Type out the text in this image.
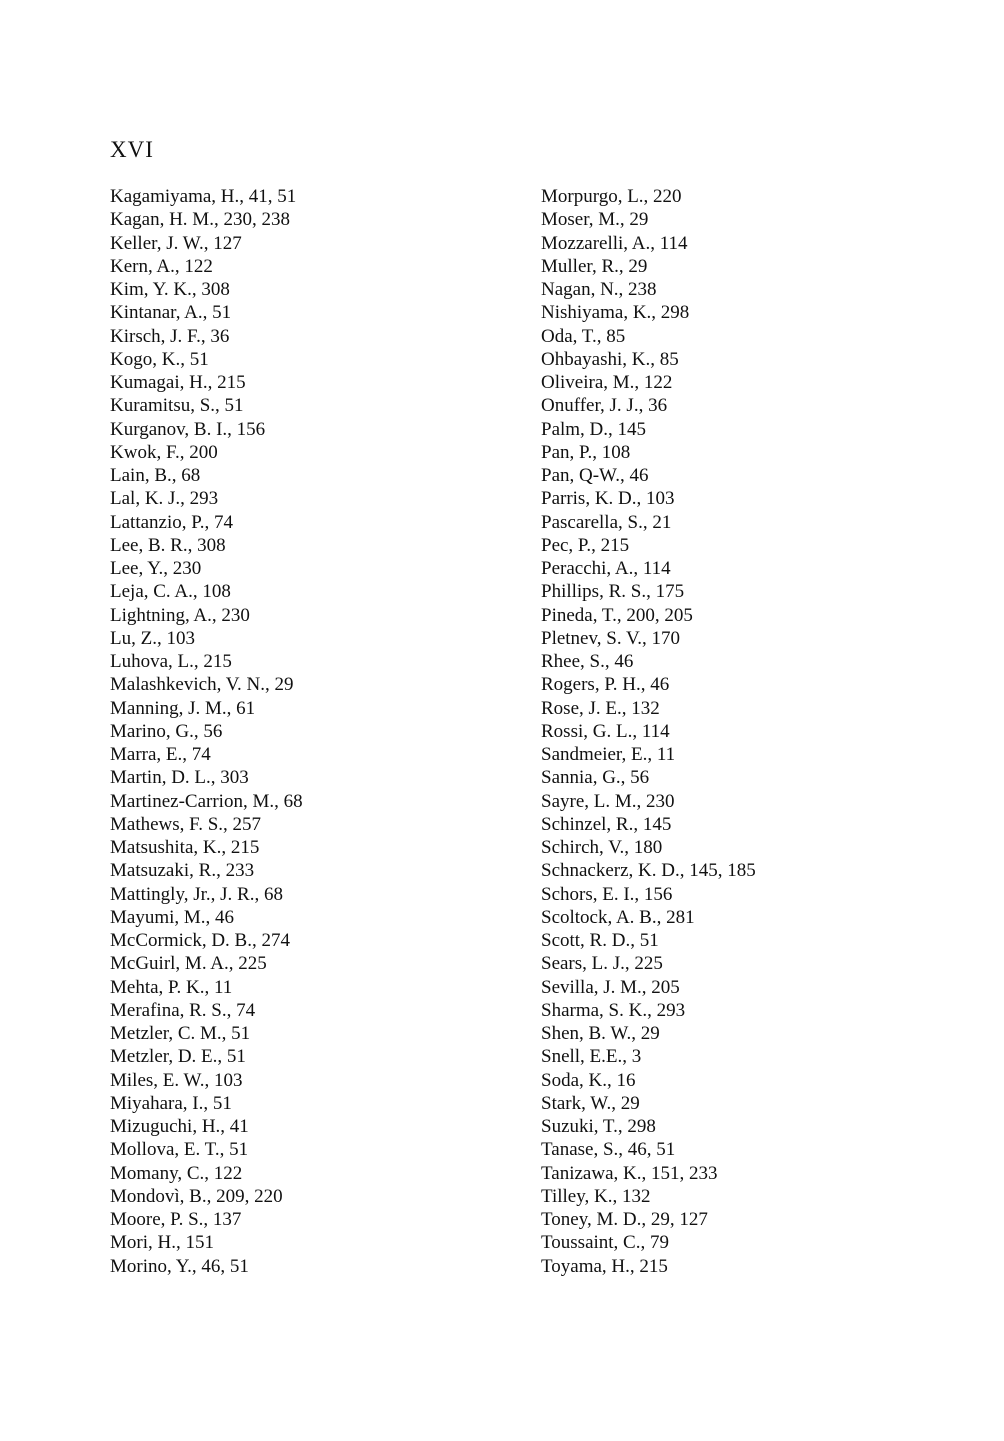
XVI
Kagamiyama, H., 41, 51
Kagan, H. M., 230, 238
Keller, J. W., 127
Kern, A., 122
Kim, Y. K., 308
Kintanar, A., 51
Kirsch, J. F., 36
Kogo, K., 51
Kumagai, H., 215
Kuramitsu, S., 51
Kurganov, B. I., 156
Kwok, F., 200
Lain, B., 68
Lal, K. J., 293
Lattanzio, P., 74
Lee, B. R., 308
Lee, Y., 230
Leja, C. A., 108
Lightning, A., 230
Lu, Z., 103
Luhova, L., 215
Malashkevich, V. N., 29
Manning, J. M., 61
Marino, G., 56
Marra, E., 74
Martin, D. L., 303
Martinez-Carrion, M., 68
Mathews, F. S., 257
Matsushita, K., 215
Matsuzaki, R., 233
Mattingly, Jr., J. R., 68
Mayumi, M., 46
McCormick, D. B., 274
McGuirl, M. A., 225
Mehta, P. K., 11
Merafina, R. S., 74
Metzler, C. M., 51
Metzler, D. E., 51
Miles, E. W., 103
Miyahara, I., 51
Mizuguchi, H., 41
Mollova, E. T., 51
Momany, C., 122
Mondovì, B., 209, 220
Moore, P. S., 137
Mori, H., 151
Morino, Y., 46, 51
Morpurgo, L., 220
Moser, M., 29
Mozzarelli, A., 114
Muller, R., 29
Nagan, N., 238
Nishiyama, K., 298
Oda, T., 85
Ohbayashi, K., 85
Oliveira, M., 122
Onuffer, J. J., 36
Palm, D., 145
Pan, P., 108
Pan, Q-W., 46
Parris, K. D., 103
Pascarella, S., 21
Pec, P., 215
Peracchi, A., 114
Phillips, R. S., 175
Pineda, T., 200, 205
Pletnev, S. V., 170
Rhee, S., 46
Rogers, P. H., 46
Rose, J. E., 132
Rossi, G. L., 114
Sandmeier, E., 11
Sannia, G., 56
Sayre, L. M., 230
Schinzel, R., 145
Schirch, V., 180
Schnackerz, K. D., 145, 185
Schors, E. I., 156
Scoltock, A. B., 281
Scott, R. D., 51
Sears, L. J., 225
Sevilla, J. M., 205
Sharma, S. K., 293
Shen, B. W., 29
Snell, E.E., 3
Soda, K., 16
Stark, W., 29
Suzuki, T., 298
Tanase, S., 46, 51
Tanizawa, K., 151, 233
Tilley, K., 132
Toney, M. D., 29, 127
Toussaint, C., 79
Toyama, H., 215
